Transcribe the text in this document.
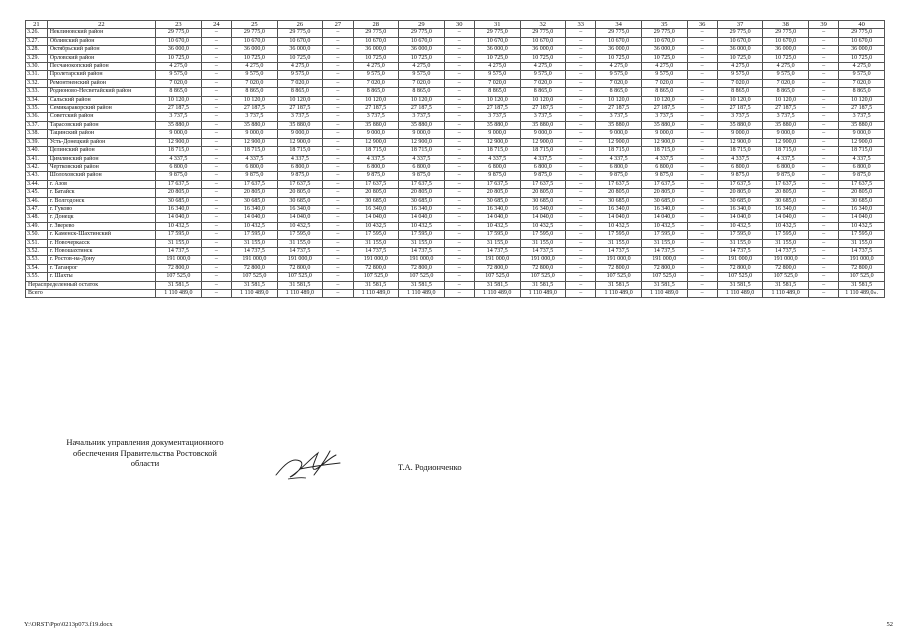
21	22	23	24	25	26	27	28	29	30	31	32	33	34	35	36	37	38	39	40
3.26.	Неклиновский район	29 775,0	–	29 775,0	29 775,0	–	29 775,0	29 775,0	–	29 775,0	29 775,0	–	29 775,0	29 775,0	–	29 775,0	29 775,0	–	29 775,0
3.27.	Обливский район	10 670,0	–	10 670,0	10 670,0	–	10 670,0	10 670,0	–	10 670,0	10 670,0	–	10 670,0	10 670,0	–	10 670,0	10 670,0	–	10 670,0
3.28.	Октябрьский район	36 000,0	–	36 000,0	36 000,0	–	36 000,0	36 000,0	–	36 000,0	36 000,0	–	36 000,0	36 000,0	–	36 000,0	36 000,0	–	36 000,0
3.29.	Орловский район	10 725,0	–	10 725,0	10 725,0	–	10 725,0	10 725,0	–	10 725,0	10 725,0	–	10 725,0	10 725,0	–	10 725,0	10 725,0	–	10 725,0
3.30.	Песчанокопский район	4 275,0	–	4 275,0	4 275,0	–	4 275,0	4 275,0	–	4 275,0	4 275,0	–	4 275,0	4 275,0	–	4 275,0	4 275,0	–	4 275,0
3.31.	Пролетарский район	9 575,0	–	9 575,0	9 575,0	–	9 575,0	9 575,0	–	9 575,0	9 575,0	–	9 575,0	9 575,0	–	9 575,0	9 575,0	–	9 575,0
3.32.	Ремонтненский район	7 020,0	–	7 020,0	7 020,0	–	7 020,0	7 020,0	–	7 020,0	7 020,0	–	7 020,0	7 020,0	–	7 020,0	7 020,0	–	7 020,0
3.33.	Родионово-Несветайский район	8 865,0	–	8 865,0	8 865,0	–	8 865,0	8 865,0	–	8 865,0	8 865,0	–	8 865,0	8 865,0	–	8 865,0	8 865,0	–	8 865,0
3.34.	Сальский район	10 120,0	–	10 120,0	10 120,0	–	10 120,0	10 120,0	–	10 120,0	10 120,0	–	10 120,0	10 120,0	–	10 120,0	10 120,0	–	10 120,0
3.35.	Семикаракорский район	27 187,5	–	27 187,5	27 187,5	–	27 187,5	27 187,5	–	27 187,5	27 187,5	–	27 187,5	27 187,5	–	27 187,5	27 187,5	–	27 187,5
3.36.	Советский район	3 737,5	–	3 737,5	3 737,5	–	3 737,5	3 737,5	–	3 737,5	3 737,5	–	3 737,5	3 737,5	–	3 737,5	3 737,5	–	3 737,5
3.37.	Тарасовский район	35 880,0	–	35 880,0	35 880,0	–	35 880,0	35 880,0	–	35 880,0	35 880,0	–	35 880,0	35 880,0	–	35 880,0	35 880,0	–	35 880,0
3.38.	Тацинский район	9 000,0	–	9 000,0	9 000,0	–	9 000,0	9 000,0	–	9 000,0	9 000,0	–	9 000,0	9 000,0	–	9 000,0	9 000,0	–	9 000,0
3.39.	Усть-Донецкий район	12 900,0	–	12 900,0	12 900,0	–	12 900,0	12 900,0	–	12 900,0	12 900,0	–	12 900,0	12 900,0	–	12 900,0	12 900,0	–	12 900,0
3.40.	Целинский район	18 715,0	–	18 715,0	18 715,0	–	18 715,0	18 715,0	–	18 715,0	18 715,0	–	18 715,0	18 715,0	–	18 715,0	18 715,0	–	18 715,0
3.41.	Цимлянский район	4 337,5	–	4 337,5	4 337,5	–	4 337,5	4 337,5	–	4 337,5	4 337,5	–	4 337,5	4 337,5	–	4 337,5	4 337,5	–	4 337,5
3.42.	Чертковский район	6 800,0	–	6 800,0	6 800,0	–	6 800,0	6 800,0	–	6 800,0	6 800,0	–	6 800,0	6 800,0	–	6 800,0	6 800,0	–	6 800,0
3.43.	Шолоховский район	9 875,0	–	9 875,0	9 875,0	–	9 875,0	9 875,0	–	9 875,0	9 875,0	–	9 875,0	9 875,0	–	9 875,0	9 875,0	–	9 875,0
3.44.	г. Азов	17 637,5	–	17 637,5	17 637,5	–	17 637,5	17 637,5	–	17 637,5	17 637,5	–	17 637,5	17 637,5	–	17 637,5	17 637,5	–	17 637,5
3.45.	г. Батайск	20 805,0	–	20 805,0	20 805,0	–	20 805,0	20 805,0	–	20 805,0	20 805,0	–	20 805,0	20 805,0	–	20 805,0	20 805,0	–	20 805,0
3.46.	г. Волгодонск	30 685,0	–	30 685,0	30 685,0	–	30 685,0	30 685,0	–	30 685,0	30 685,0	–	30 685,0	30 685,0	–	30 685,0	30 685,0	–	30 685,0
3.47.	г. Гуково	16 340,0	–	16 340,0	16 340,0	–	16 340,0	16 340,0	–	16 340,0	16 340,0	–	16 340,0	16 340,0	–	16 340,0	16 340,0	–	16 340,0
3.48.	г. Донецк	14 040,0	–	14 040,0	14 040,0	–	14 040,0	14 040,0	–	14 040,0	14 040,0	–	14 040,0	14 040,0	–	14 040,0	14 040,0	–	14 040,0
3.49.	г. Зверево	10 432,5	–	10 432,5	10 432,5	–	10 432,5	10 432,5	–	10 432,5	10 432,5	–	10 432,5	10 432,5	–	10 432,5	10 432,5	–	10 432,5
3.50.	г. Каменск-Шахтинский	17 595,0	–	17 595,0	17 595,0	–	17 595,0	17 595,0	–	17 595,0	17 595,0	–	17 595,0	17 595,0	–	17 595,0	17 595,0	–	17 595,0
3.51.	г. Новочеркасск	31 155,0	–	31 155,0	31 155,0	–	31 155,0	31 155,0	–	31 155,0	31 155,0	–	31 155,0	31 155,0	–	31 155,0	31 155,0	–	31 155,0
3.52.	г. Новошахтинск	14 737,5	–	14 737,5	14 737,5	–	14 737,5	14 737,5	–	14 737,5	14 737,5	–	14 737,5	14 737,5	–	14 737,5	14 737,5	–	14 737,5
3.53.	г. Ростов-на-Дону	191 000,0	–	191 000,0	191 000,0	–	191 000,0	191 000,0	–	191 000,0	191 000,0	–	191 000,0	191 000,0	–	191 000,0	191 000,0	–	191 000,0
3.54.	г. Таганрог	72 800,0	–	72 800,0	72 800,0	–	72 800,0	72 800,0	–	72 800,0	72 800,0	–	72 800,0	72 800,0	–	72 800,0	72 800,0	–	72 800,0
3.55.	г. Шахты	107 525,0	–	107 525,0	107 525,0	–	107 525,0	107 525,0	–	107 525,0	107 525,0	–	107 525,0	107 525,0	–	107 525,0	107 525,0	–	107 525,0
Нераспределенный остаток		31 581,5	–	31 581,5	31 581,5	–	31 581,5	31 581,5	–	31 581,5	31 581,5	–	31 581,5	31 581,5	–	31 581,5	31 581,5	–	31 581,5
Всего		1 110 489,0	–	1 110 489,0	1 110 489,0	–	1 110 489,0	1 110 489,0	–	1 110 489,0	1 110 489,0	–	1 110 489,0	1 110 489,0	–	1 110 489,0	1 110 489,0	–	1 110 489,0».
Начальник управления документационного обеспечения Правительства Ростовской области	Т.А. Родионченко
Y:\ORST\Ppo\0213p073.f19.docx	52
